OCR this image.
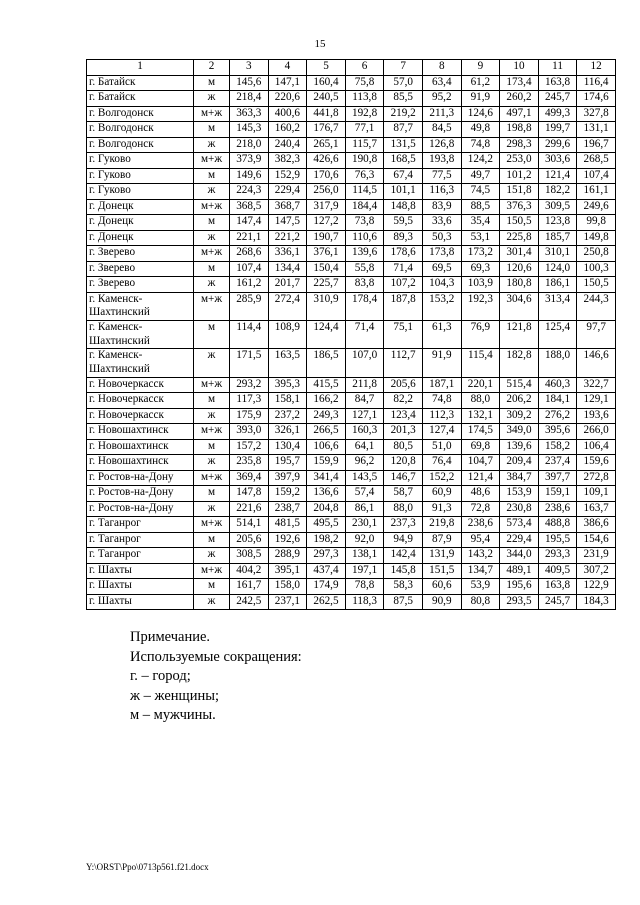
15
1	2	3	4	5	6	7	8	9	10	11	12
г. Батайск	м	145,6	147,1	160,4	75,8	57,0	63,4	61,2	173,4	163,8	116,4
г. Батайск	ж	218,4	220,6	240,5	113,8	85,5	95,2	91,9	260,2	245,7	174,6
г. Волгодонск	м+ж	363,3	400,6	441,8	192,8	219,2	211,3	124,6	497,1	499,3	327,8
г. Волгодонск	м	145,3	160,2	176,7	77,1	87,7	84,5	49,8	198,8	199,7	131,1
г. Волгодонск	ж	218,0	240,4	265,1	115,7	131,5	126,8	74,8	298,3	299,6	196,7
г. Гуково	м+ж	373,9	382,3	426,6	190,8	168,5	193,8	124,2	253,0	303,6	268,5
г. Гуково	м	149,6	152,9	170,6	76,3	67,4	77,5	49,7	101,2	121,4	107,4
г. Гуково	ж	224,3	229,4	256,0	114,5	101,1	116,3	74,5	151,8	182,2	161,1
г. Донецк	м+ж	368,5	368,7	317,9	184,4	148,8	83,9	88,5	376,3	309,5	249,6
г. Донецк	м	147,4	147,5	127,2	73,8	59,5	33,6	35,4	150,5	123,8	99,8
г. Донецк	ж	221,1	221,2	190,7	110,6	89,3	50,3	53,1	225,8	185,7	149,8
г. Зверево	м+ж	268,6	336,1	376,1	139,6	178,6	173,8	173,2	301,4	310,1	250,8
г. Зверево	м	107,4	134,4	150,4	55,8	71,4	69,5	69,3	120,6	124,0	100,3
г. Зверево	ж	161,2	201,7	225,7	83,8	107,2	104,3	103,9	180,8	186,1	150,5
г. Каменск-Шахтинский	м+ж	285,9	272,4	310,9	178,4	187,8	153,2	192,3	304,6	313,4	244,3
г. Каменск-Шахтинский	м	114,4	108,9	124,4	71,4	75,1	61,3	76,9	121,8	125,4	97,7
г. Каменск-Шахтинский	ж	171,5	163,5	186,5	107,0	112,7	91,9	115,4	182,8	188,0	146,6
г. Новочеркасск	м+ж	293,2	395,3	415,5	211,8	205,6	187,1	220,1	515,4	460,3	322,7
г. Новочеркасск	м	117,3	158,1	166,2	84,7	82,2	74,8	88,0	206,2	184,1	129,1
г. Новочеркасск	ж	175,9	237,2	249,3	127,1	123,4	112,3	132,1	309,2	276,2	193,6
г. Новошахтинск	м+ж	393,0	326,1	266,5	160,3	201,3	127,4	174,5	349,0	395,6	266,0
г. Новошахтинск	м	157,2	130,4	106,6	64,1	80,5	51,0	69,8	139,6	158,2	106,4
г. Новошахтинск	ж	235,8	195,7	159,9	96,2	120,8	76,4	104,7	209,4	237,4	159,6
г. Ростов-на-Дону	м+ж	369,4	397,9	341,4	143,5	146,7	152,2	121,4	384,7	397,7	272,8
г. Ростов-на-Дону	м	147,8	159,2	136,6	57,4	58,7	60,9	48,6	153,9	159,1	109,1
г. Ростов-на-Дону	ж	221,6	238,7	204,8	86,1	88,0	91,3	72,8	230,8	238,6	163,7
г. Таганрог	м+ж	514,1	481,5	495,5	230,1	237,3	219,8	238,6	573,4	488,8	386,6
г. Таганрог	м	205,6	192,6	198,2	92,0	94,9	87,9	95,4	229,4	195,5	154,6
г. Таганрог	ж	308,5	288,9	297,3	138,1	142,4	131,9	143,2	344,0	293,3	231,9
г. Шахты	м+ж	404,2	395,1	437,4	197,1	145,8	151,5	134,7	489,1	409,5	307,2
г. Шахты	м	161,7	158,0	174,9	78,8	58,3	60,6	53,9	195,6	163,8	122,9
г. Шахты	ж	242,5	237,1	262,5	118,3	87,5	90,9	80,8	293,5	245,7	184,3
Примечание.
Используемые сокращения:
г. – город;
ж – женщины;
м – мужчины.
Y:\ORST\Ppo\0713p561.f21.docx
